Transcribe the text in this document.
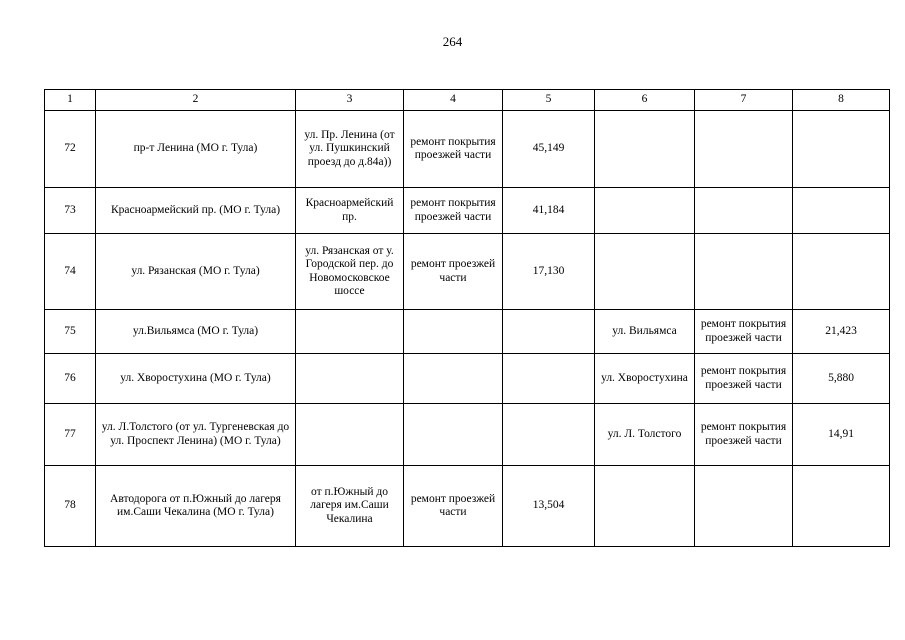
264
1	2	3	4	5	6	7	8
72	пр-т Ленина (МО г. Тула)	ул. Пр. Ленина (от ул. Пушкинский проезд до д.84а))	ремонт покрытия проезжей части	45,149			
73	Красноармейский пр. (МО г. Тула)	Красноармейский пр.	ремонт покрытия проезжей части	41,184			
74	ул. Рязанская (МО г. Тула)	ул. Рязанская от у. Городской пер. до Новомосковское шоссе	ремонт проезжей части	17,130			
75	ул.Вильямса (МО г. Тула)				ул. Вильямса	ремонт покрытия проезжей части	21,423
76	ул. Хворостухина (МО г. Тула)				ул. Хворостухина	ремонт покрытия проезжей части	5,880
77	ул. Л.Толстого (от ул. Тургеневская до ул. Проспект Ленина) (МО г. Тула)				ул. Л. Толстого	ремонт покрытия проезжей части	14,91
78	Автодорога от п.Южный до лагеря им.Саши Чекалина (МО г. Тула)	от п.Южный до лагеря им.Саши Чекалина	ремонт проезжей части	13,504			
